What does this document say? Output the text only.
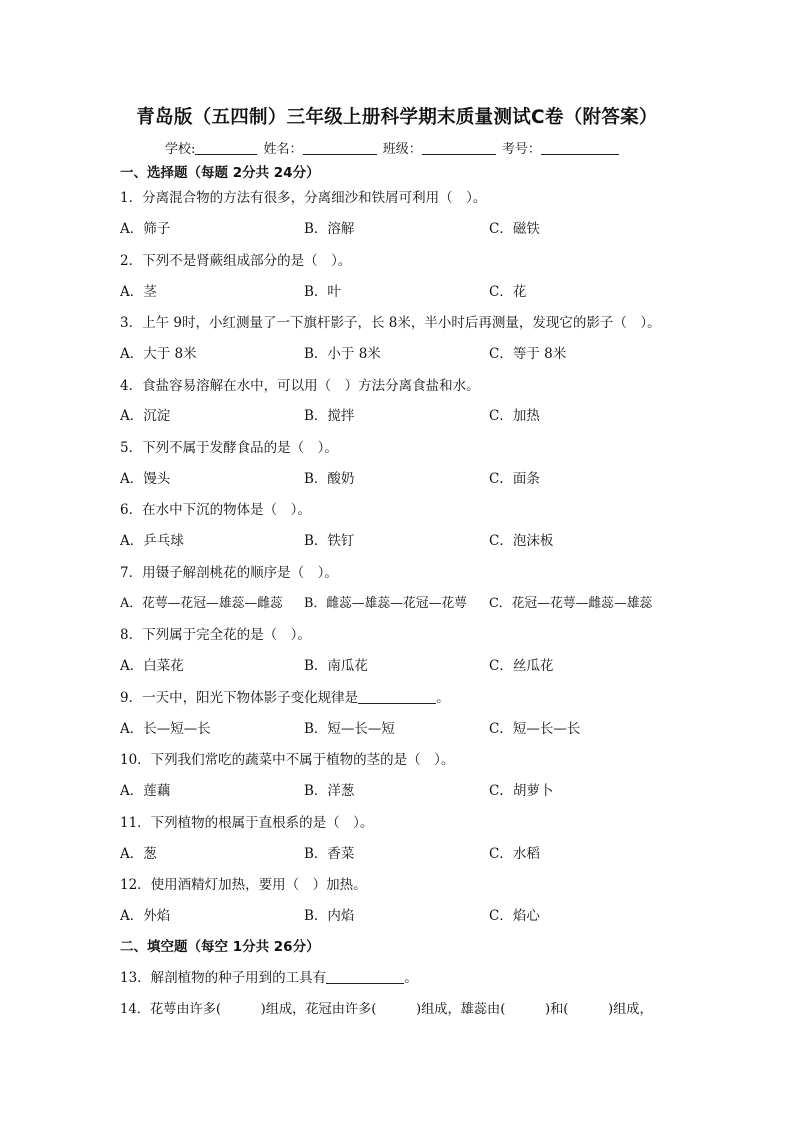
青岛版（五四制）三年级上册科学期末质量测试C卷（附答案）
学校:	姓名：	班级：	考号：
一、选择题（每题 2分共 24分）
1．分离混合物的方法有很多，分离细沙和铁屑可利用（　）。
A．筛子	B．溶解	C．磁铁
2．下列不是肾蕨组成部分的是（　）。
A．茎	B．叶	C．花
3．上午 9时，小红测量了一下旗杆影子，长 8米，半小时后再测量，发现它的影子（　）。
A．大于 8米	B．小于 8米	C．等于 8米
4．食盐容易溶解在水中，可以用（　）方法分离食盐和水。
A．沉淀	B．搅拌	C．加热
5．下列不属于发酵食品的是（　）。
A．馒头	B．酸奶	C．面条
6．在水中下沉的物体是（　）。
A．乒乓球	B．铁钉	C．泡沫板
7．用镊子解剖桃花的顺序是（　）。
A．花萼—花冠—雄蕊—雌蕊 B．雌蕊—雄蕊—花冠—花萼 C．花冠—花萼—雌蕊—雄蕊
8．下列属于完全花的是（　）。
A．白菜花	B．南瓜花	C．丝瓜花
9．一天中，阳光下物体影子变化规律是	。
A．长—短—长	B．短—长—短	C．短—长—长
10．下列我们常吃的蔬菜中不属于植物的茎的是（　）。
A．莲藕	B．洋葱	C．胡萝卜
11．下列植物的根属于直根系的是（　）。
A．葱	B．香菜	C．水稻
12．使用酒精灯加热，要用（　）加热。
A．外焰	B．内焰	C．焰心
二、填空题（每空 1分共 26分）
13．解剖植物的种子用到的工具有	。
14．花萼由许多(　　　)组成，花冠由许多(　　　)组成，雄蕊由(　　　)和(　　　)组成，
